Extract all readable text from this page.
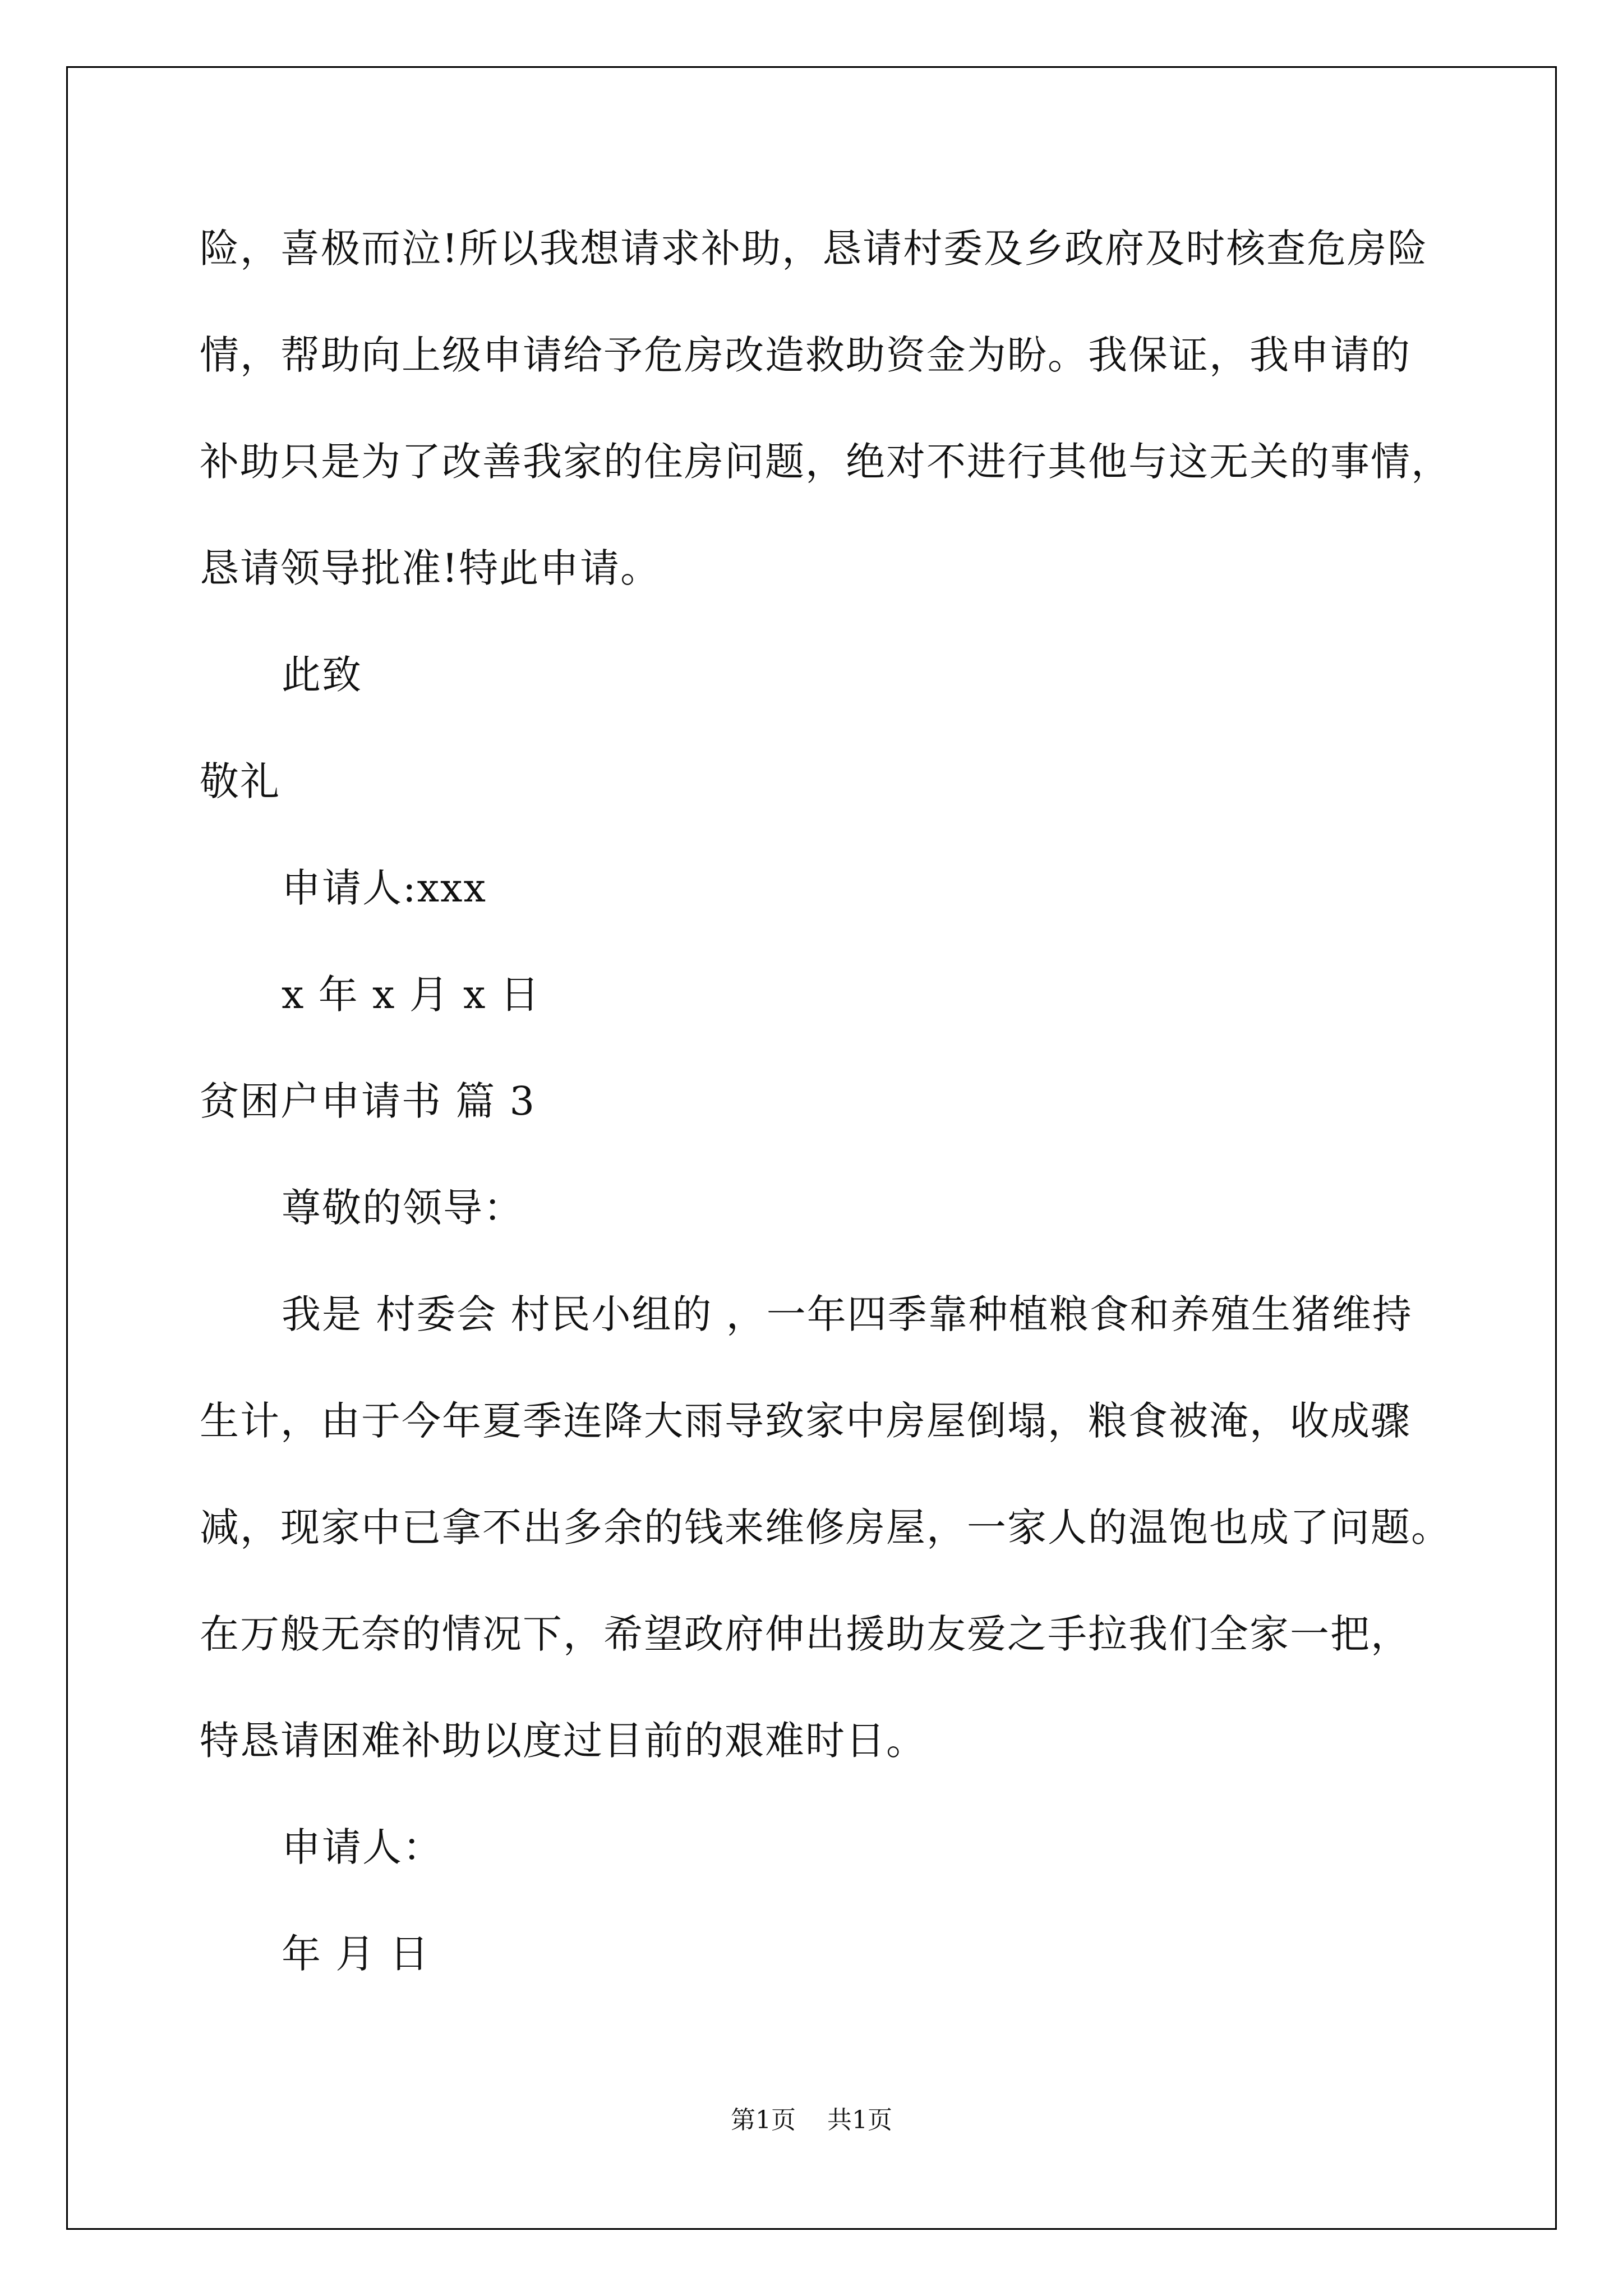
险，喜极而泣!所以我想请求补助，恳请村委及乡政府及时核查危房险
情，帮助向上级申请给予危房改造救助资金为盼。我保证，我申请的
补助只是为了改善我家的住房问题，绝对不进行其他与这无关的事情，
恳请领导批准!特此申请。
此致
敬礼
申请人:xxx
x 年 x 月 x 日
贫困户申请书 篇 3
尊敬的领导：
我是 村委会 村民小组的 ，一年四季靠种植粮食和养殖生猪维持
生计，由于今年夏季连降大雨导致家中房屋倒塌，粮食被淹，收成骤
减，现家中已拿不出多余的钱来维修房屋，一家人的温饱也成了问题。
在万般无奈的情况下，希望政府伸出援助友爱之手拉我们全家一把，
特恳请困难补助以度过目前的艰难时日。
申请人：
年 月 日
第1页    共1页
